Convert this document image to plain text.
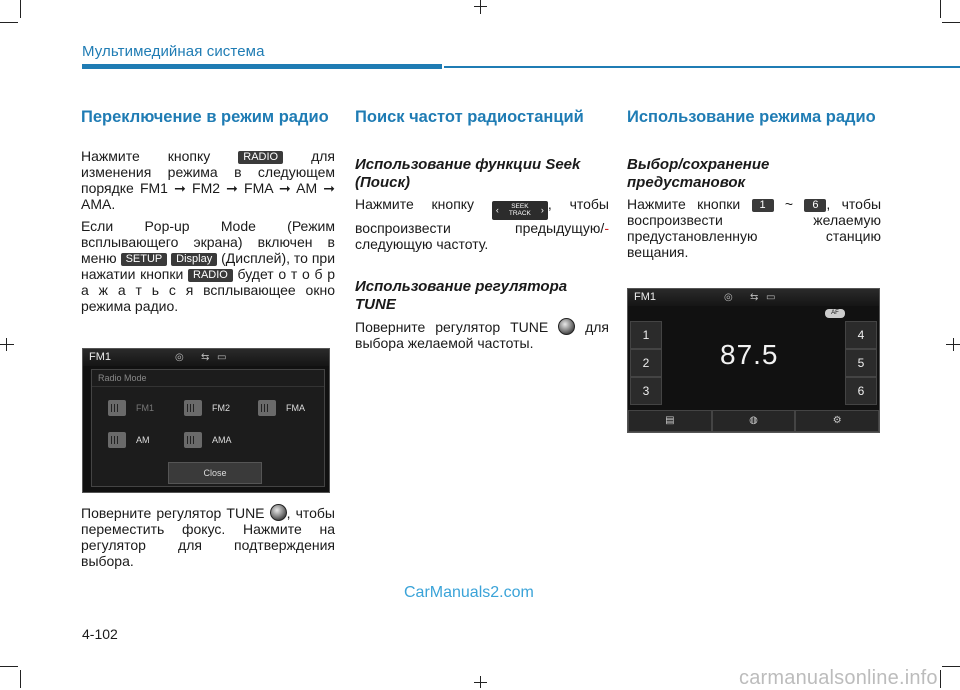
Мультимедийная система
Переключение в режим радио

Нажмите кнопку	RADIO для изменения режима в следующем порядке FM1 ➞ FM2 ➞ FMA ➞ AM ➞ AMA.

Если Pop-up Mode (Режим всплывающего экрана) включен в меню SETUP Display (Дисплей), то при нажатии кнопки RADIO будет о т о б р а ж а т ь с я всплывающее окно режима радио.

FM1	◎ ⇆ ▭
Radio Mode
FM1	FM2	FMA
AM	AMA
Close

Поверните регулятор TUNE , чтобы переместить фокус. Нажмите на регулятор для подтверждения выбора.

Поиск частот радиостанций
Использование функции Seek (Поиск)

Нажмите кнопку ‹	SEEK
TRACK › , чтобы воспроизвести предыдущую/- следующую частоту.

Использование регулятора TUNE

Поверните регулятор TUNE	для выбора желаемой частоты.

Использование режима радио
Выбор/сохранение предустановок

Нажмите кнопки 1 ~ 6 , чтобы воспроизвести желаемую предустановленную станцию вещания.

FM1	◎ ⇆ ▭
AF
1
2
3
4
5
6
87.5
▤	◍	⚙
CarManuals2.com
4-102
carmanualsonline.info
